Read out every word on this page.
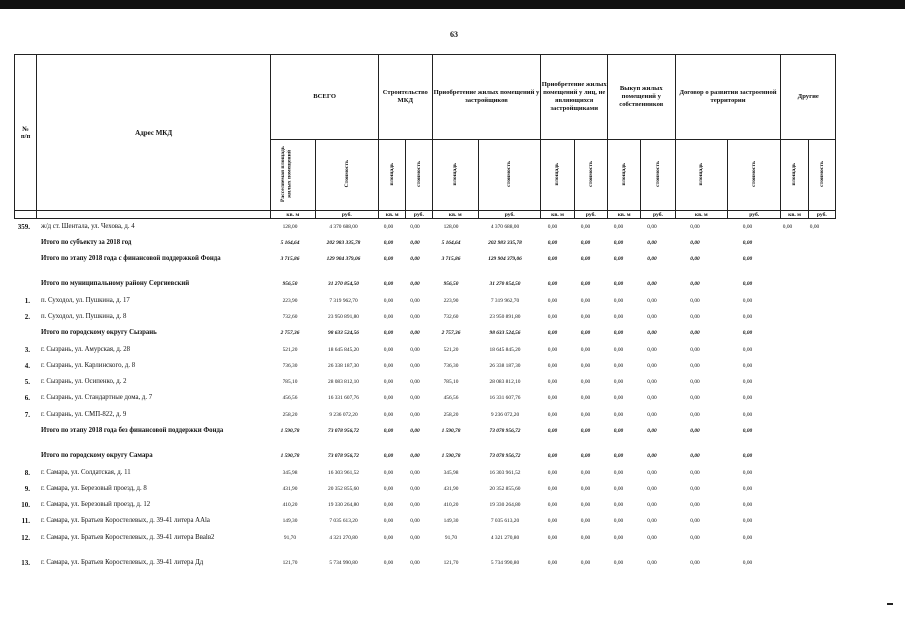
63
№
п/п	Адрес МКД	ВСЕГО		Строительство МКД		Приобретение жилых помещений у застройщиков		Приобретение жилых помещений у лиц, не являющихся застройщиками		Выкуп жилых помещений у собственников		Договор о развитии застроенной территории		Другие	
		Расселяемая площадь жилых помещений	Стоимость	площадь	стоимость	площадь	стоимость	площадь	стоимость	площадь	стоимость	площадь	стоимость	площадь	стоимость
		кв. м	руб.	кв. м	руб.	кв. м	руб.	кв. м	руб.	кв. м	руб.	кв. м	руб.	кв. м	руб.
359. ж/д ст. Шентала, ул. Чехова, д. 4	128,00	4 370 688,00	0,00	0,00	128,00	4 370 688,00	0,00	0,00	0,00	0,00	0,00	0,00	0,00	0,00
Итого по субъекту за 2018 год	5 164,64	202 983 335,78	0,00	0,00	5 164,64	202 983 335,78	0,00	0,00	0,00	0,00	0,00	0,00
Итого по этапу 2018 года с финансовой поддержкой Фонда	3 715,86	129 904 379,06	0,00	0,00	3 715,86	129 904 379,06	0,00	0,00	0,00	0,00	0,00	0,00
Итого по муниципальному району Сергиевский	956,50	31 270 854,50	0,00	0,00	956,50	31 270 854,50	0,00	0,00	0,00	0,00	0,00	0,00
1. п. Суходол, ул. Пушкина, д. 17	223,90	7 319 962,70	0,00	0,00	223,90	7 319 962,70	0,00	0,00	0,00	0,00	0,00	0,00
2. п. Суходол, ул. Пушкина, д. 8	732,60	23 950 891,80	0,00	0,00	732,60	23 950 891,80	0,00	0,00	0,00	0,00	0,00	0,00
Итого по городскому округу Сызрань	2 757,36	98 633 524,56	0,00	0,00	2 757,36	98 633 524,56	0,00	0,00	0,00	0,00	0,00	0,00
3. г. Сызрань, ул. Амурская, д. 28	521,20	18 645 845,20	0,00	0,00	521,20	18 645 845,20	0,00	0,00	0,00	0,00	0,00	0,00
4. г. Сызрань, ул. Карлинского, д. 8	736,30	26 338 187,30	0,00	0,00	736,30	26 338 187,30	0,00	0,00	0,00	0,00	0,00	0,00
5. г. Сызрань, ул. Осипенко, д. 2	785,10	28 083 812,10	0,00	0,00	785,10	28 083 812,10	0,00	0,00	0,00	0,00	0,00	0,00
6. г. Сызрань, ул. Стандартные дома, д. 7	456,56	16 331 607,76	0,00	0,00	456,56	16 331 607,76	0,00	0,00	0,00	0,00	0,00	0,00
7. г. Сызрань, ул. СМП-822, д. 9	258,20	9 236 072,20	0,00	0,00	258,20	9 236 072,20	0,00	0,00	0,00	0,00	0,00	0,00
Итого по этапу 2018 года без финансовой поддержки Фонда	1 590,78	73 078 956,72	0,00	0,00	1 590,78	73 078 956,72	0,00	0,00	0,00	0,00	0,00	0,00
Итого по городскому округу Самара	1 590,78	73 078 956,72	0,00	0,00	1 590,78	73 078 956,72	0,00	0,00	0,00	0,00	0,00	0,00
8. г. Самара, ул. Солдатская, д. 11	345,98	16 303 961,52	0,00	0,00	345,98	16 303 961,52	0,00	0,00	0,00	0,00	0,00	0,00
9. г. Самара, ул. Березовый проезд, д. 8	431,90	20 352 855,60	0,00	0,00	431,90	20 352 855,60	0,00	0,00	0,00	0,00	0,00	0,00
10. г. Самара, ул. Березовый проезд, д. 12	410,20	19 330 264,80	0,00	0,00	410,20	19 330 264,80	0,00	0,00	0,00	0,00	0,00	0,00
11. г. Самара, ул. Братьев Коростелевых, д. 39-41 литера ААlа	149,30	7 035 613,20	0,00	0,00	149,30	7 035 613,20	0,00	0,00	0,00	0,00	0,00	0,00
12. г. Самара, ул. Братьев Коростелевых, д. 39-41 литера Ввalв2	91,70	4 321 270,80	0,00	0,00	91,70	4 321 270,80	0,00	0,00	0,00	0,00	0,00	0,00
13. г. Самара, ул. Братьев Коростелевых, д. 39-41 литера Дд	121,70	5 734 990,80	0,00	0,00	121,70	5 734 990,80	0,00	0,00	0,00	0,00	0,00	0,00
